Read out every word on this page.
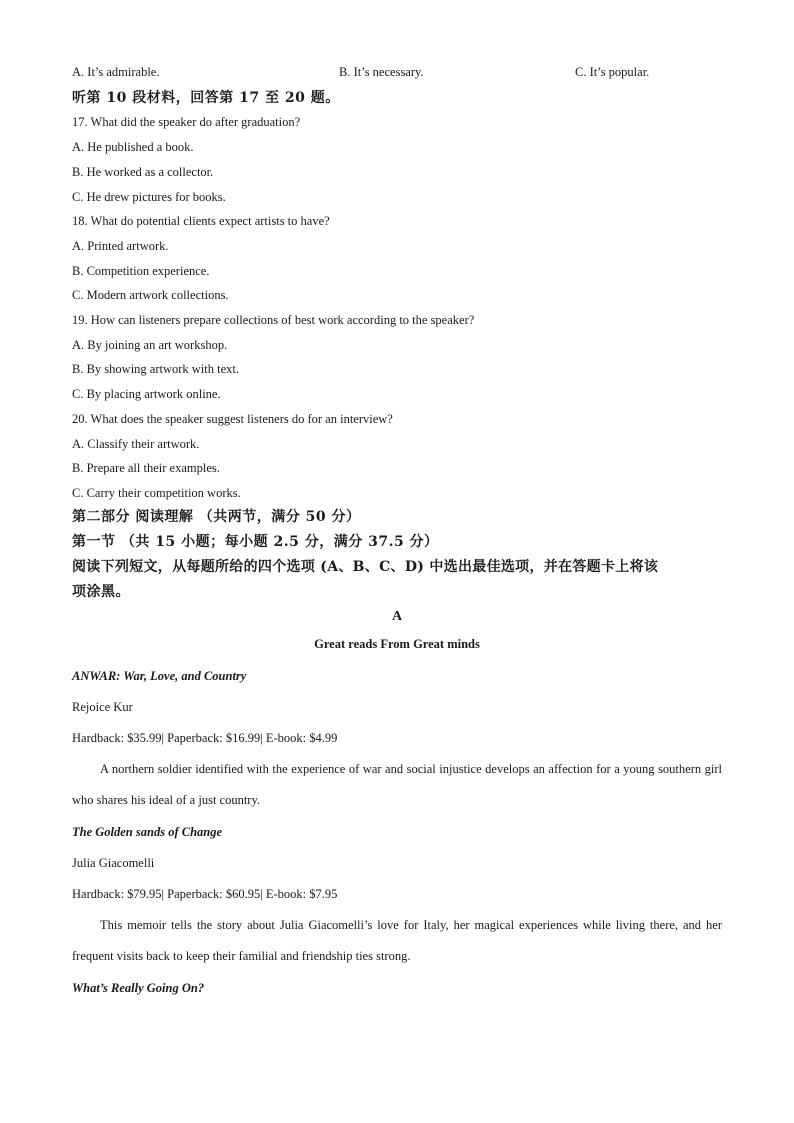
A. It’s admirable.	B. It’s necessary.	C. It’s popular.
听第 10 段材料，回答第 17 至 20 题。
17. What did the speaker do after graduation?
A. He published a book.
B. He worked as a collector.
C. He drew pictures for books.
18. What do potential clients expect artists to have?
A. Printed artwork.
B. Competition experience.
C. Modern artwork collections.
19. How can listeners prepare collections of best work according to the speaker?
A. By joining an art workshop.
B. By showing artwork with text.
C. By placing artwork online.
20. What does the speaker suggest listeners do for an interview?
A. Classify their artwork.
B. Prepare all their examples.
C. Carry their competition works.
第二部分 阅读理解 （共两节，满分 50 分）
第一节 （共 15 小题；每小题 2.5 分，满分 37.5 分）
阅读下列短文，从每题所给的四个选项 (A、B、C、D) 中选出最佳选项，并在答题卡上将该
项涂黑。
A
Great reads From Great minds
ANWAR: War, Love, and Country
Rejoice Kur
Hardback: $35.99| Paperback: $16.99| E-book: $4.99
A northern soldier identified with the experience of war and social injustice develops an affection for a young southern girl who shares his ideal of a just country.
The Golden sands of Change
Julia Giacomelli
Hardback: $79.95| Paperback: $60.95| E-book: $7.95
This memoir tells the story about Julia Giacomelli’s love for Italy, her magical experiences while living there, and her frequent visits back to keep their familial and friendship ties strong.
What’s Really Going On?
